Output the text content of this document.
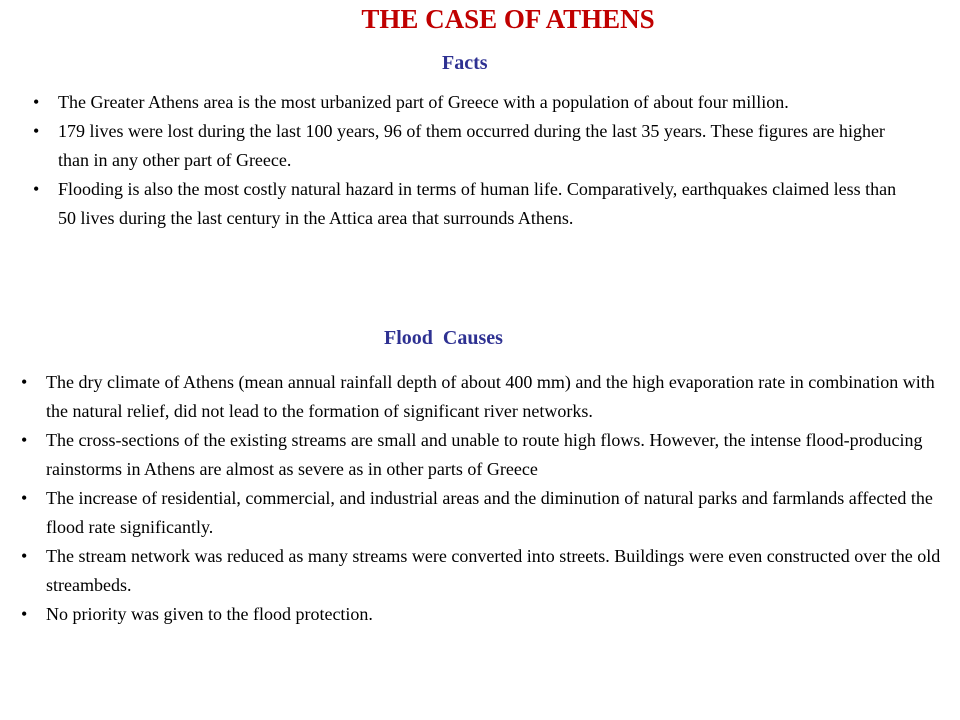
THE CASE OF ATHENS
Facts
• The Greater Athens area is the most urbanized part of Greece with a population of about four million.
• 179 lives were lost during the last 100 years, 96 of them occurred during the last 35 years. These figures are higher than in any other part of Greece.
• Flooding is also the most costly natural hazard in terms of human life. Comparatively, earthquakes claimed less than 50 lives during the last century in the Attica area that surrounds Athens.
Flood  Causes
• The dry climate of Athens (mean annual rainfall depth of about 400 mm) and the high evaporation rate in combination with the natural relief, did not lead to the formation of significant river networks.
• The cross-sections of the existing streams are small and unable to route high flows. However, the intense flood-producing rainstorms in Athens are almost as severe as in other parts of Greece
• The increase of residential, commercial, and industrial areas and the diminution of natural parks and farmlands affected the flood rate significantly.
• The stream network was reduced as many streams were converted into streets. Buildings were even constructed over the old streambeds.
• No priority was given to the flood protection.
